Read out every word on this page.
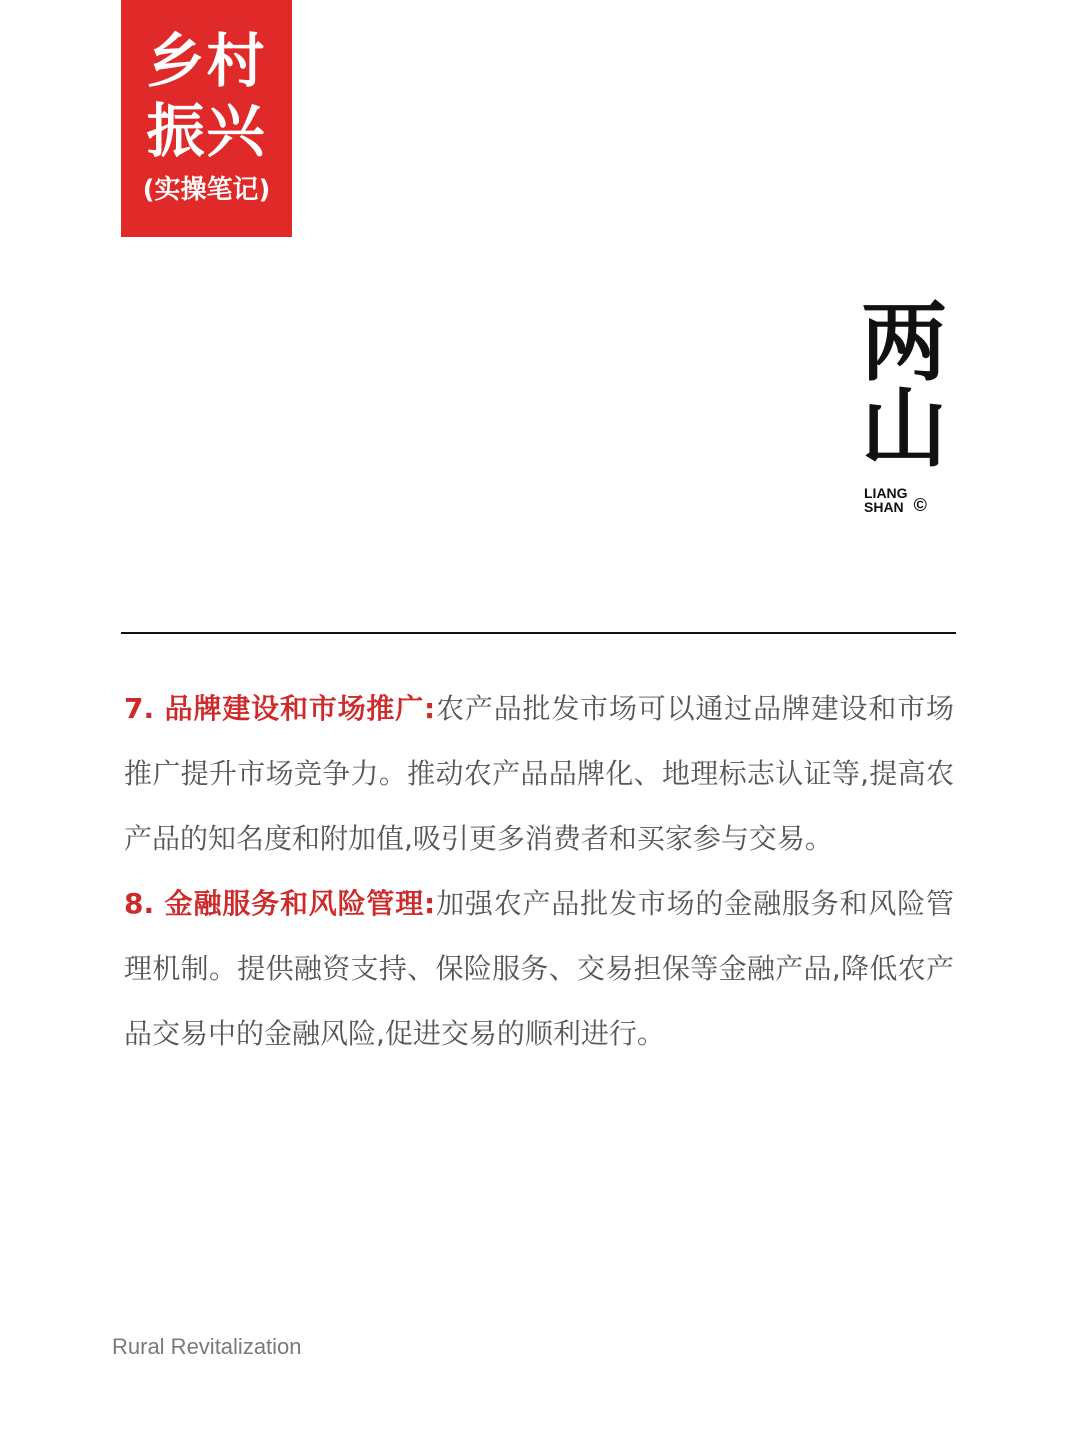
乡村
振兴
(实操笔记)
两
山
LIANG
SHAN ©

7. 品牌建设和市场推广:农产品批发市场可以通过品牌建设和市场推广提升市场竞争力。推动农产品品牌化、地理标志认证等,提高农产品的知名度和附加值,吸引更多消费者和买家参与交易。

8. 金融服务和风险管理:加强农产品批发市场的金融服务和风险管理机制。提供融资支持、保险服务、交易担保等金融产品,降低农产品交易中的金融风险,促进交易的顺利进行。

Rural Revitalization
